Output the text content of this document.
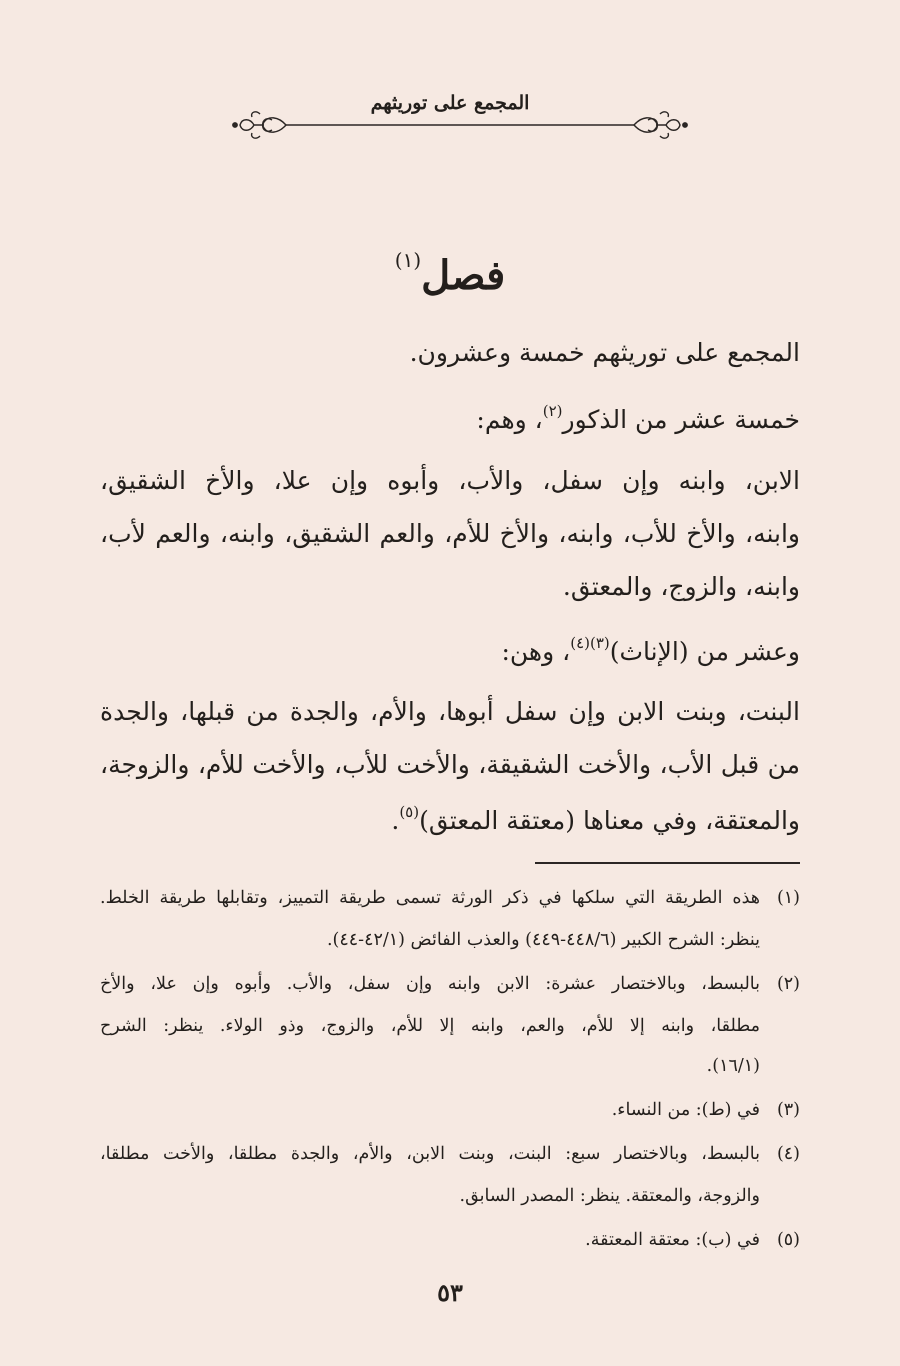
المجمع على توريثهم
فصل$^{(١)}$
المجمع على توريثهم خمسة وعشرون.
خمسة عشر من الذكور$^{(٢)}$، وهم:
الابن، وابنه وإن سفل، والأب، وأبوه وإن علا، والأخ الشقيق،
وابنه، والأخ للأب، وابنه، والأخ للأم، والعم الشقيق، وابنه، والعم لأب،
وابنه، والزوج، والمعتق.
وعشر من (الإناث)$^{(٣)(٤)}$، وهن:
البنت، وبنت الابن وإن سفل أبوها، والأم، والجدة من قبلها، والجدة
من قبل الأب، والأخت الشقيقة، والأخت للأب، والأخت للأم، والزوجة،
والمعتقة، وفي معناها (معتقة المعتق)$^{(٥)}$.
(١)هذه الطريقة التي سلكها في ذكر الورثة تسمى طريقة التمييز، وتقابلها طريقة الخلط.
ينظر: الشرح الكبير (٤٤٨/٦-٤٤٩) والعذب الفائض (٤٢/١-٤٤).
(٢)بالبسط، وبالاختصار عشرة: الابن وابنه وإن سفل، والأب. وأبوه وإن علا، والأخ
مطلقا، وابنه إلا للأم، والعم، وابنه إلا للأم، والزوج، وذو الولاء. ينظر: الشرح
(١٦/١).
(٣)في (ط): من النساء.
(٤)بالبسط، وبالاختصار سبع: البنت، وبنت الابن، والأم، والجدة مطلقا، والأخت مطلقا،
والزوجة، والمعتقة. ينظر: المصدر السابق.
(٥)في (ب): معتقة المعتقة.
٥٣
